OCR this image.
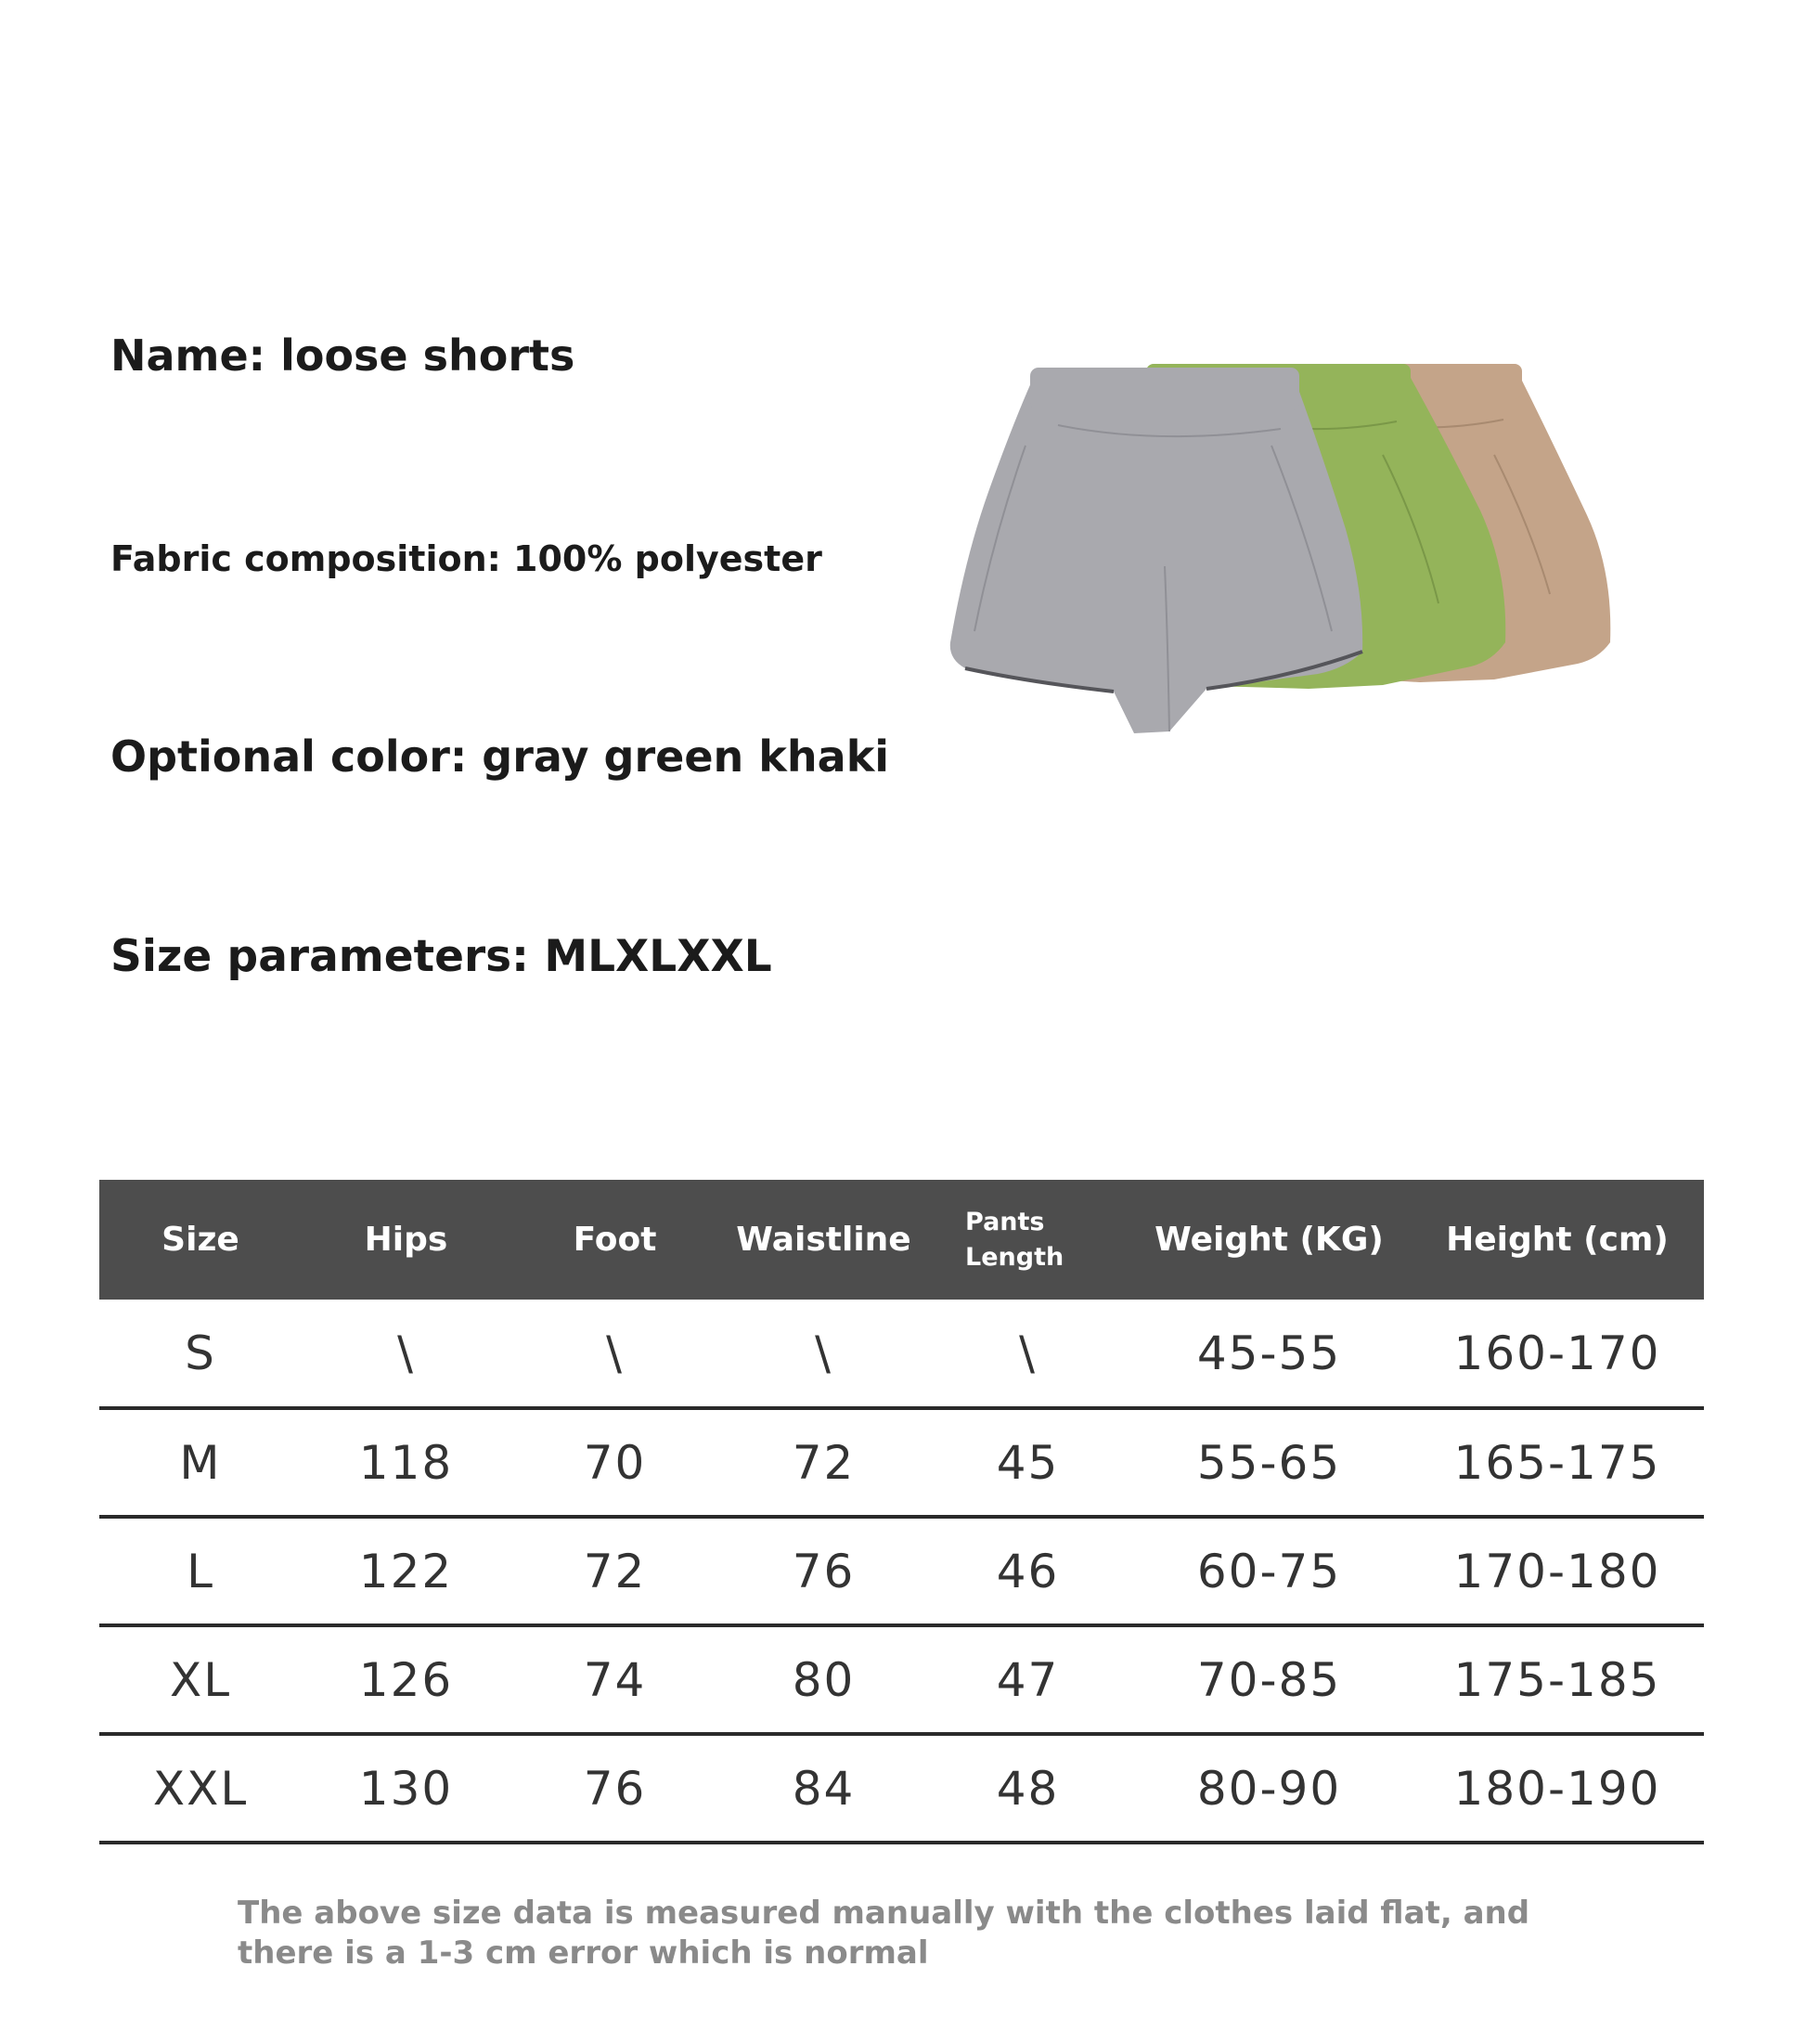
Name: loose shorts
Fabric composition: 100% polyester
Optional color: gray green khaki
Size parameters: MLXLXXL
Size	Hips	Foot	Waistline	Pants Length	Weight (KG)	Height (cm)
S	\	\	\	\	45-55	160-170
M	118	70	72	45	55-65	165-175
L	122	72	76	46	60-75	170-180
XL	126	74	80	47	70-85	175-185
XXL	130	76	84	48	80-90	180-190
The above size data is measured manually with the clothes laid flat, and there is a 1-3 cm error which is normal
